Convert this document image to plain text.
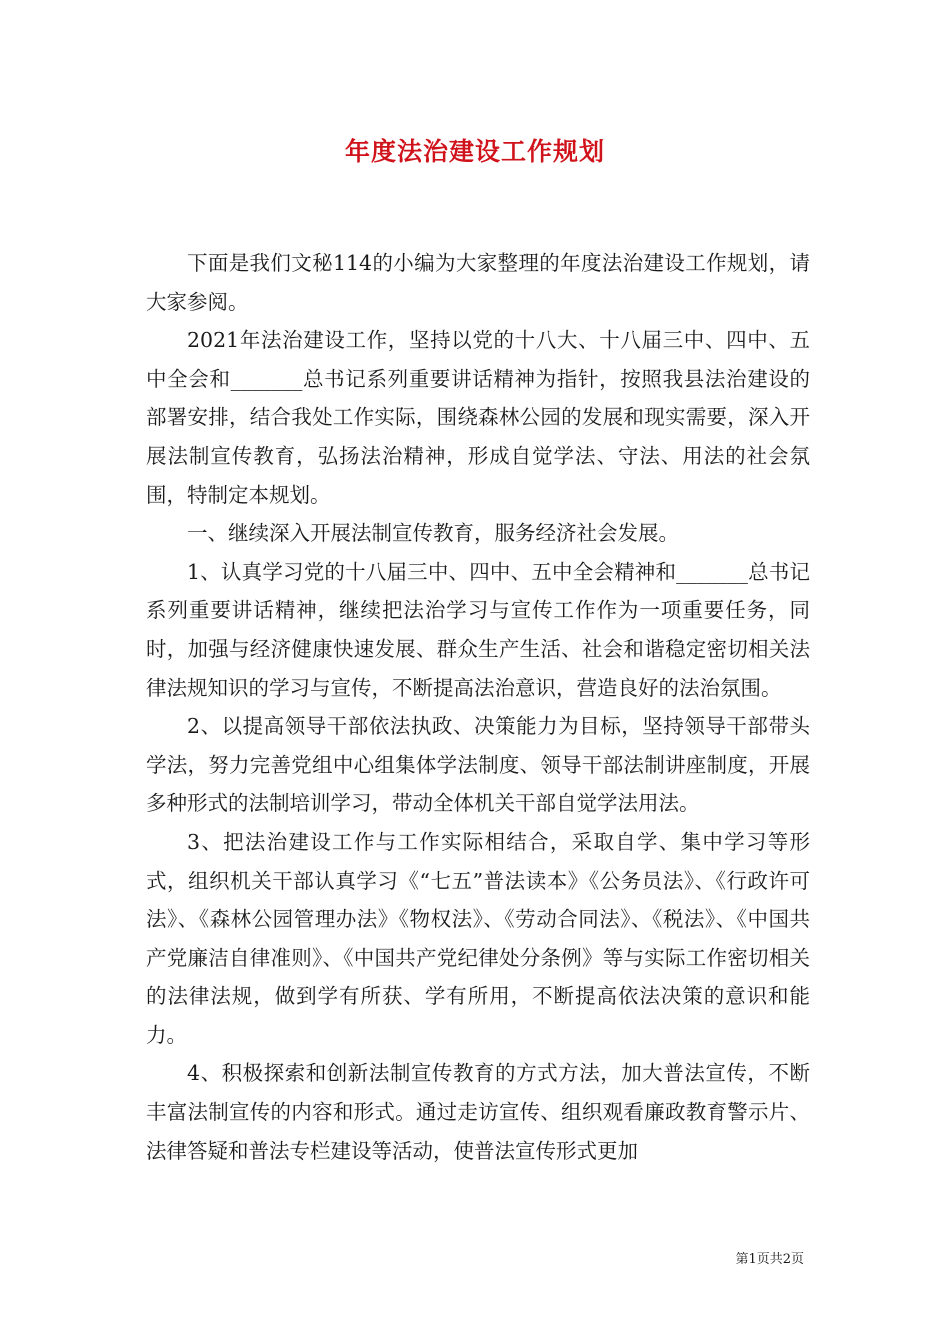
年度法治建设工作规划

下面是我们文秘114的小编为大家整理的年度法治建设工作规划，请大家参阅。

2021年法治建设工作，坚持以党的十八大、十八届三中、四中、五中全会和_______总书记系列重要讲话精神为指针，按照我县法治建设的部署安排，结合我处工作实际，围绕森林公园的发展和现实需要，深入开展法制宣传教育，弘扬法治精神，形成自觉学法、守法、用法的社会氛围，特制定本规划。

一、继续深入开展法制宣传教育，服务经济社会发展。

1、认真学习党的十八届三中、四中、五中全会精神和_______总书记系列重要讲话精神，继续把法治学习与宣传工作作为一项重要任务，同时，加强与经济健康快速发展、群众生产生活、社会和谐稳定密切相关法律法规知识的学习与宣传，不断提高法治意识，营造良好的法治氛围。

2、以提高领导干部依法执政、决策能力为目标，坚持领导干部带头学法，努力完善党组中心组集体学法制度、领导干部法制讲座制度，开展多种形式的法制培训学习，带动全体机关干部自觉学法用法。

3、把法治建设工作与工作实际相结合，采取自学、集中学习等形式，组织机关干部认真学习《“七五”普法读本》《公务员法》、《行政许可法》、《森林公园管理办法》《物权法》、《劳动合同法》、《税法》、《中国共产党廉洁自律准则》、《中国共产党纪律处分条例》等与实际工作密切相关的法律法规，做到学有所获、学有所用，不断提高依法决策的意识和能力。

4、积极探索和创新法制宣传教育的方式方法，加大普法宣传，不断丰富法制宣传的内容和形式。通过走访宣传、组织观看廉政教育警示片、法律答疑和普法专栏建设等活动，使普法宣传形式更加

第1页共2页
